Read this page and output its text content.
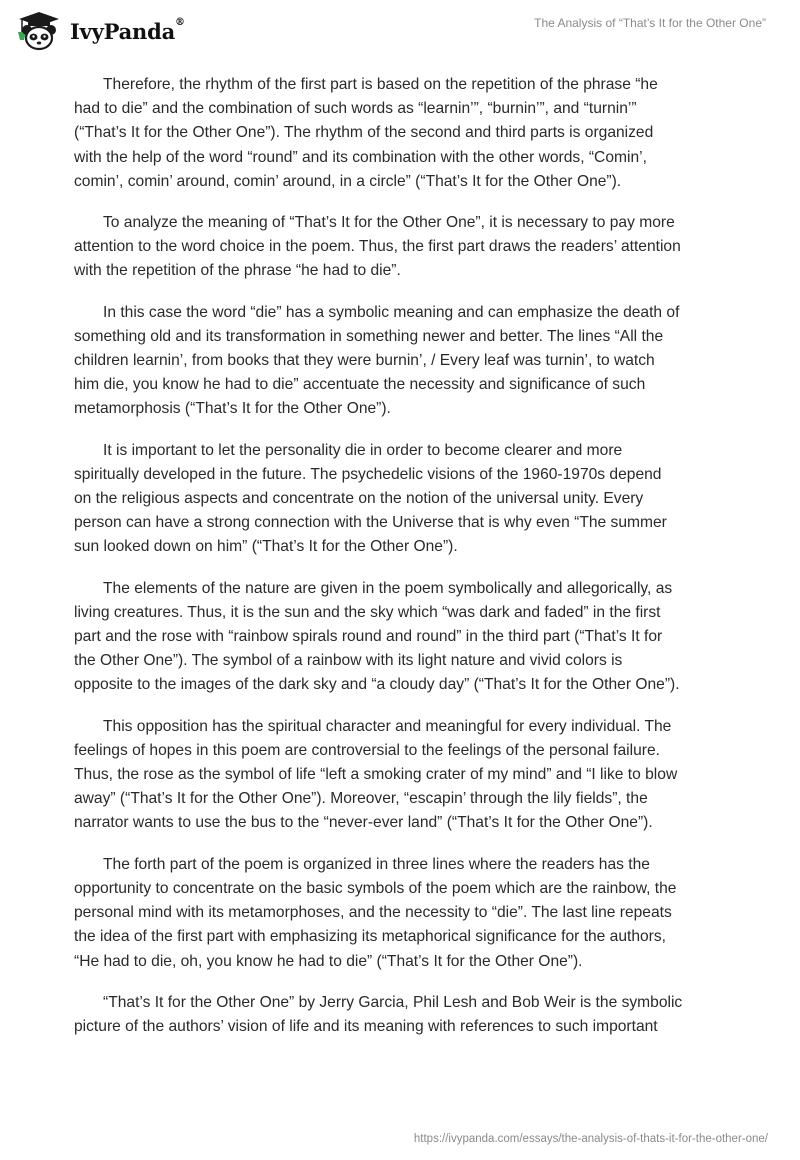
IvyPanda®	The Analysis of “That’s It for the Other One”

Therefore, the rhythm of the first part is based on the repetition of the phrase “he
had to die” and the combination of such words as “learnin’”, “burnin’”, and “turnin’”
(“That’s It for the Other One”). The rhythm of the second and third parts is organized
with the help of the word “round” and its combination with the other words, “Comin’,
comin’, comin’ around, comin’ around, in a circle” (“That’s It for the Other One”).

To analyze the meaning of “That’s It for the Other One”, it is necessary to pay more
attention to the word choice in the poem. Thus, the first part draws the readers’ attention
with the repetition of the phrase “he had to die”.

In this case the word “die” has a symbolic meaning and can emphasize the death of
something old and its transformation in something newer and better. The lines “All the
children learnin’, from books that they were burnin’, / Every leaf was turnin’, to watch
him die, you know he had to die” accentuate the necessity and significance of such
metamorphosis (“That’s It for the Other One”).

It is important to let the personality die in order to become clearer and more
spiritually developed in the future. The psychedelic visions of the 1960-1970s depend
on the religious aspects and concentrate on the notion of the universal unity. Every
person can have a strong connection with the Universe that is why even “The summer
sun looked down on him” (“That’s It for the Other One”).

The elements of the nature are given in the poem symbolically and allegorically, as
living creatures. Thus, it is the sun and the sky which “was dark and faded” in the first
part and the rose with “rainbow spirals round and round” in the third part (“That’s It for
the Other One”). The symbol of a rainbow with its light nature and vivid colors is
opposite to the images of the dark sky and “a cloudy day” (“That’s It for the Other One”).

This opposition has the spiritual character and meaningful for every individual. The
feelings of hopes in this poem are controversial to the feelings of the personal failure.
Thus, the rose as the symbol of life “left a smoking crater of my mind” and “I like to blow
away” (“That’s It for the Other One”). Moreover, “escapin’ through the lily fields”, the
narrator wants to use the bus to the “never-ever land” (“That’s It for the Other One”).

The forth part of the poem is organized in three lines where the readers has the
opportunity to concentrate on the basic symbols of the poem which are the rainbow, the
personal mind with its metamorphoses, and the necessity to “die”. The last line repeats
the idea of the first part with emphasizing its metaphorical significance for the authors,
“He had to die, oh, you know he had to die” (“That’s It for the Other One”).

“That’s It for the Other One” by Jerry Garcia, Phil Lesh and Bob Weir is the symbolic
picture of the authors’ vision of life and its meaning with references to such important

https://ivypanda.com/essays/the-analysis-of-thats-it-for-the-other-one/
